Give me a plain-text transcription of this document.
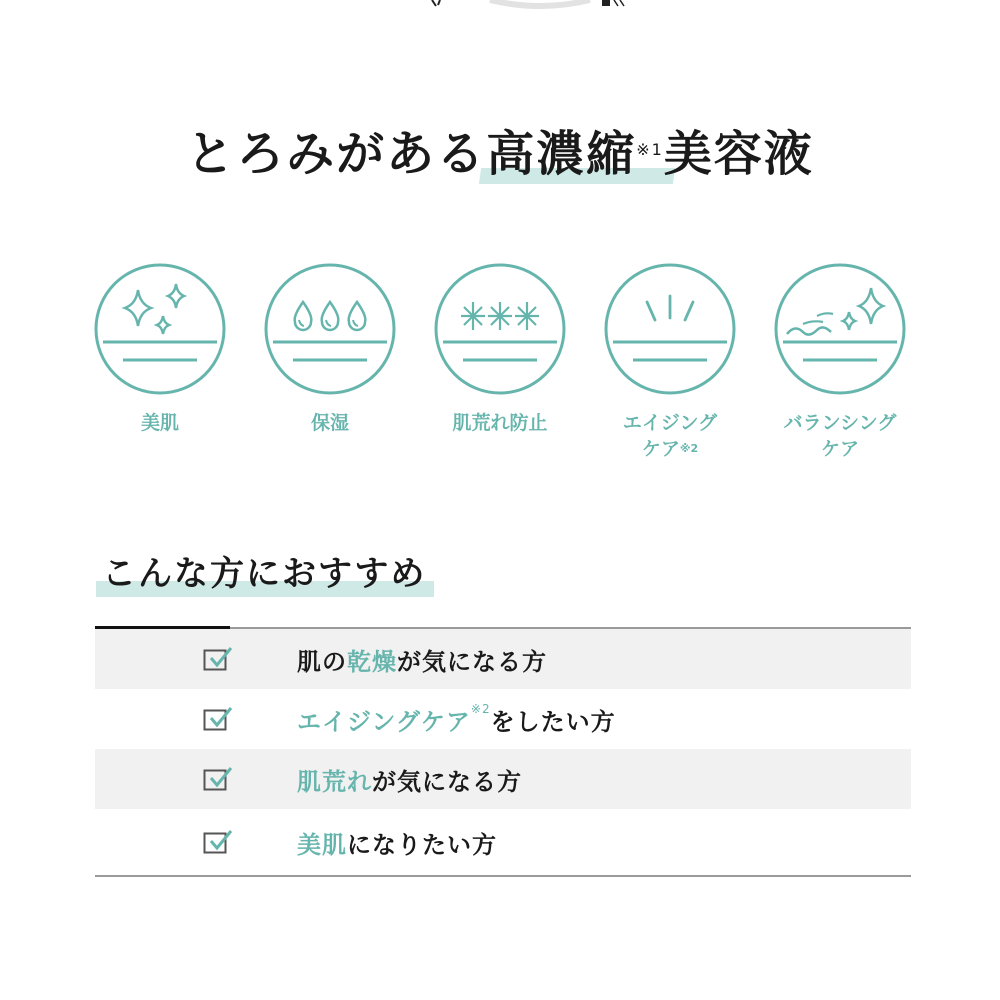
とろみがある高濃縮$^{※1}$美容液
美肌	保湿	肌荒れ防止	エイジング
ケア$^{※2}$
バランシング
ケア
こんな方におすすめ
肌の乾燥が気になる方
エイジングケア$^{※2}$をしたい方
肌荒れが気になる方
美肌になりたい方
